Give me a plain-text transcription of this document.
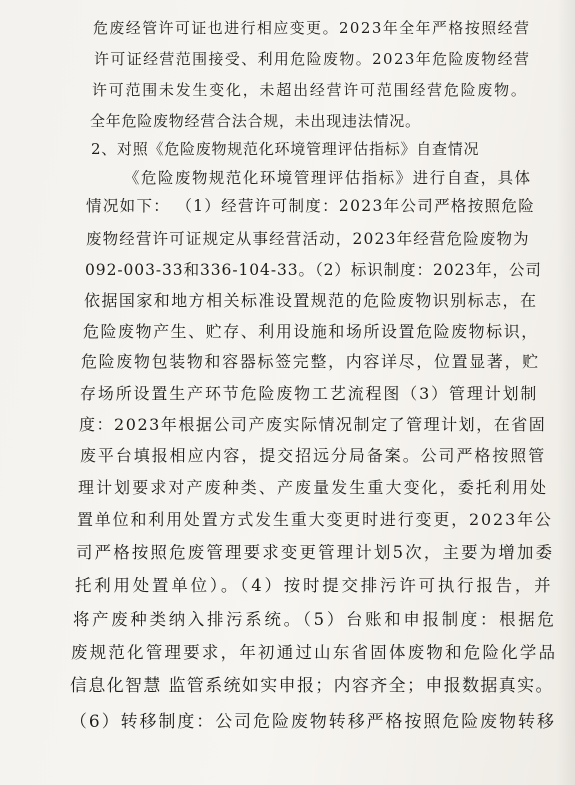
危废经管许可证也进行相应变更。2023年全年严格按照经营
许可证经营范围接受、利用危险废物。2023年危险废物经营
许可范围未发生变化，未超出经营许可范围经营危险废物。
全年危险废物经营合法合规，未出现违法情况。
2、对照《危险废物规范化环境管理评估指标》自查情况
《危险废物规范化环境管理评估指标》进行自查，具体
情况如下： （1）经营许可制度：2023年公司严格按照危险
废物经营许可证规定从事经营活动，2023年经营危险废物为
092-003-33和336-104-33。（2）标识制度：2023年，公司
依据国家和地方相关标准设置规范的危险废物识别标志，在
危险废物产生、贮存、利用设施和场所设置危险废物标识，
危险废物包装物和容器标签完整，内容详尽，位置显著，贮
存场所设置生产环节危险废物工艺流程图（3）管理计划制
度：2023年根据公司产废实际情况制定了管理计划，在省固
废平台填报相应内容，提交招远分局备案。公司严格按照管
理计划要求对产废种类、产废量发生重大变化，委托利用处
置单位和利用处置方式发生重大变更时进行变更，2023年公
司严格按照危废管理要求变更管理计划5次，主要为增加委
托利用处置单位）。（4）按时提交排污许可执行报告，并
将产废种类纳入排污系统。（5）台账和申报制度：根据危
废规范化管理要求，年初通过山东省固体废物和危险化学品
信息化智慧 监管系统如实申报；内容齐全；申报数据真实。
（6）转移制度：公司危险废物转移严格按照危险废物转移
